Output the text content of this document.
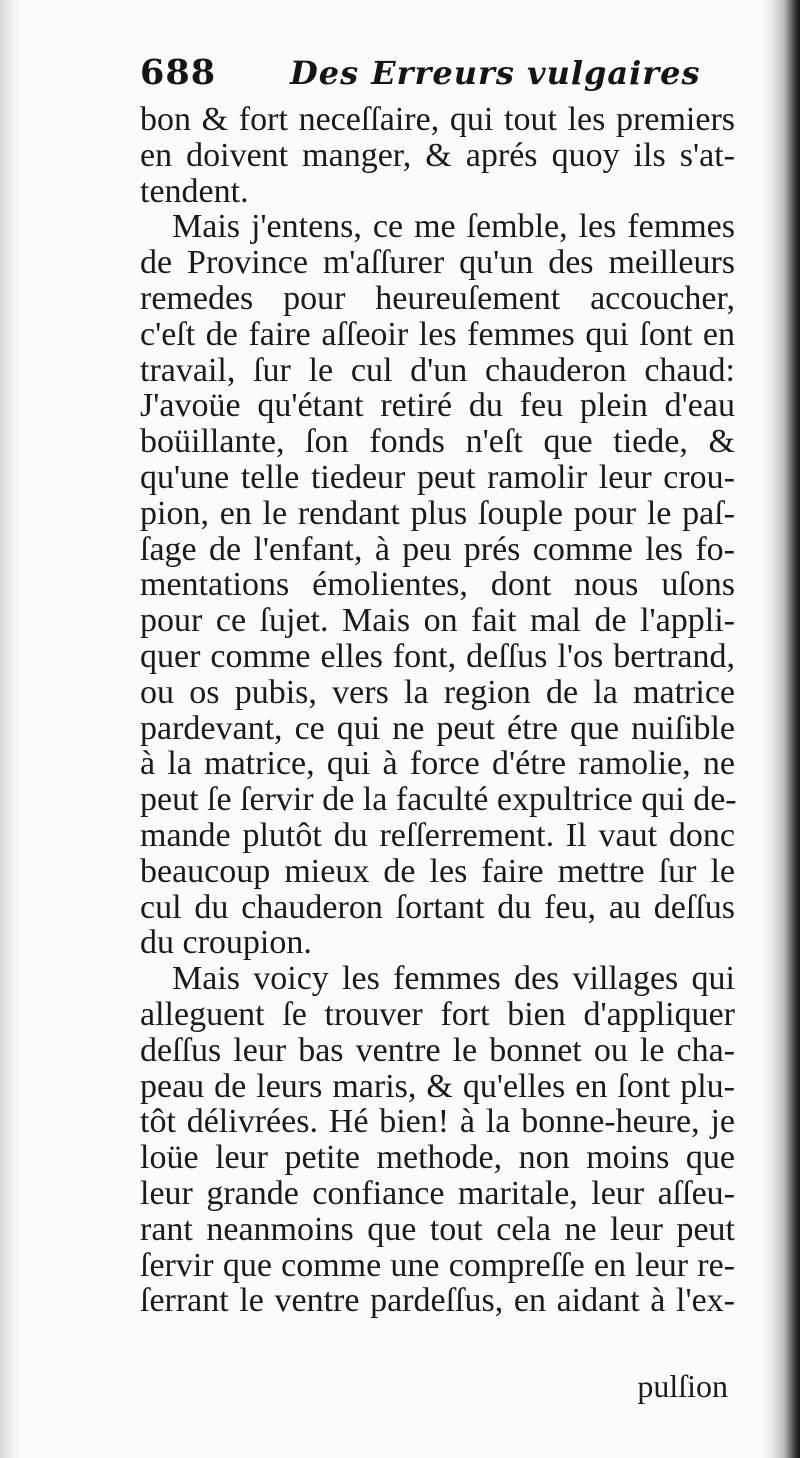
688 Des Erreurs vulgaires
bon & fort neceſſaire, qui tout les premiers
en doivent manger, & aprés quoy ils s'at-
tendent.
Mais j'entens, ce me ſemble, les femmes
de Province m'aſſurer qu'un des meilleurs
remedes pour heureuſement accoucher,
c'eſt de faire aſſeoir les femmes qui ſont en
travail, ſur le cul d'un chauderon chaud:
J'avoüe qu'étant retiré du feu plein d'eau
boüillante, ſon fonds n'eſt que tiede, &
qu'une telle tiedeur peut ramolir leur crou-
pion, en le rendant plus ſouple pour le paſ-
ſage de l'enfant, à peu prés comme les fo-
mentations émolientes, dont nous uſons
pour ce ſujet. Mais on fait mal de l'appli-
quer comme elles font, deſſus l'os bertrand,
ou os pubis, vers la region de la matrice
pardevant, ce qui ne peut étre que nuiſible
à la matrice, qui à force d'étre ramolie, ne
peut ſe ſervir de la faculté expultrice qui de-
mande plutôt du reſſerrement. Il vaut donc
beaucoup mieux de les faire mettre ſur le
cul du chauderon ſortant du feu, au deſſus
du croupion.
Mais voicy les femmes des villages qui
alleguent ſe trouver fort bien d'appliquer
deſſus leur bas ventre le bonnet ou le cha-
peau de leurs maris, & qu'elles en ſont plu-
tôt délivrées. Hé bien! à la bonne-heure, je
loüe leur petite methode, non moins que
leur grande confiance maritale, leur aſſeu-
rant neanmoins que tout cela ne leur peut
ſervir que comme une compreſſe en leur re-
ſerrant le ventre pardeſſus, en aidant à l'ex-
pulſion
